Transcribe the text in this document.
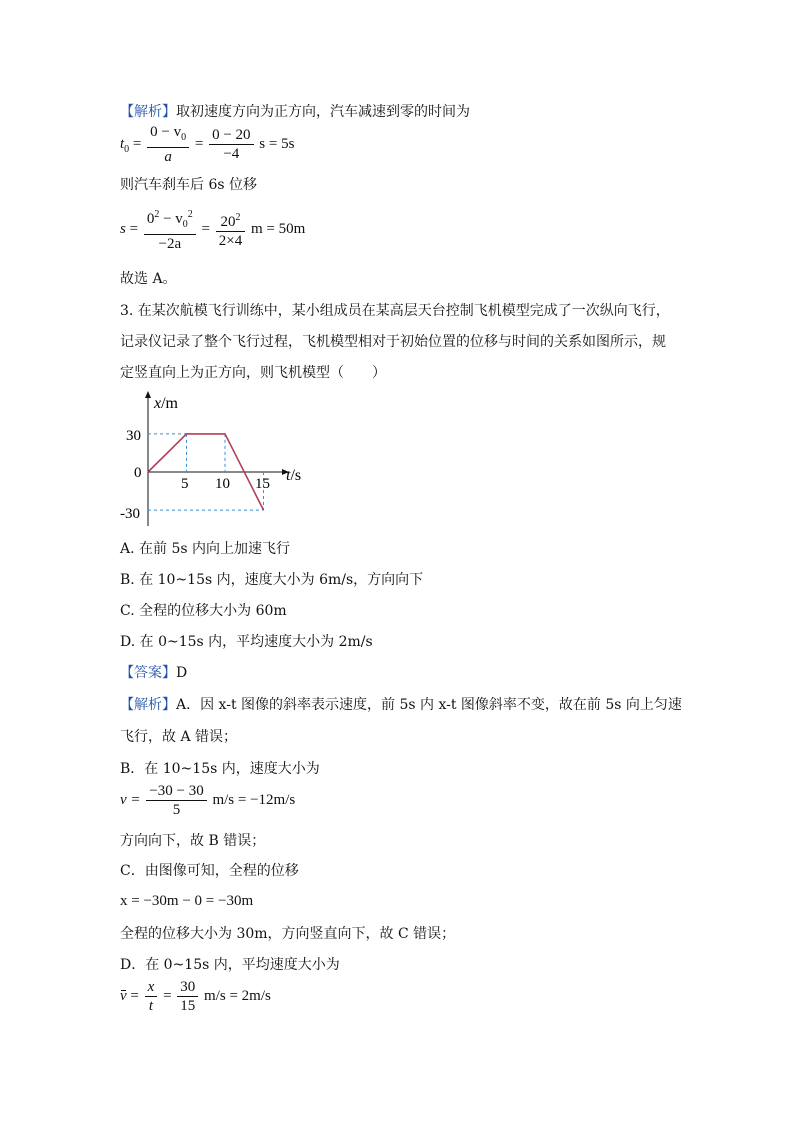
【解析】取初速度方向为正方向，汽车减速到零的时间为
$t_0 = \frac{0 - v_0}{a} = \frac{0 - 20}{-4}$ s = 5s
则汽车刹车后 6s 位移
$s = \frac{0^2 - v_0^2}{-2a} = \frac{20^2}{2\times 4}$ m = 50m
故选 A。
3. 在某次航模飞行训练中，某小组成员在某高层天台控制飞机模型完成了一次纵向飞行，
记录仪记录了整个飞行过程，飞机模型相对于初始位置的位移与时间的关系如图所示，规
定竖直向上为正方向，则飞机模型（　　）
x/m
t/s
30
0
-30
5 10 15
A. 在前 5s 内向上加速飞行
B. 在 10~15s 内，速度大小为 6m/s，方向向下
C. 全程的位移大小为 60m
D. 在 0~15s 内，平均速度大小为 2m/s
【答案】D
【解析】A．因 x-t 图像的斜率表示速度，前 5s 内 x-t 图像斜率不变，故在前 5s 向上匀速
飞行，故 A 错误；
B．在 10~15s 内，速度大小为
$v = \frac{-30 - 30}{5} m/s = -12m/s$
方向向下，故 B 错误；
C．由图像可知，全程的位移
x = −30m − 0 = −30m
全程的位移大小为 30m，方向竖直向下，故 C 错误；
D．在 0~15s 内，平均速度大小为
$v = \frac{x}{t} = \frac{30}{15} m/s = 2m/s$
